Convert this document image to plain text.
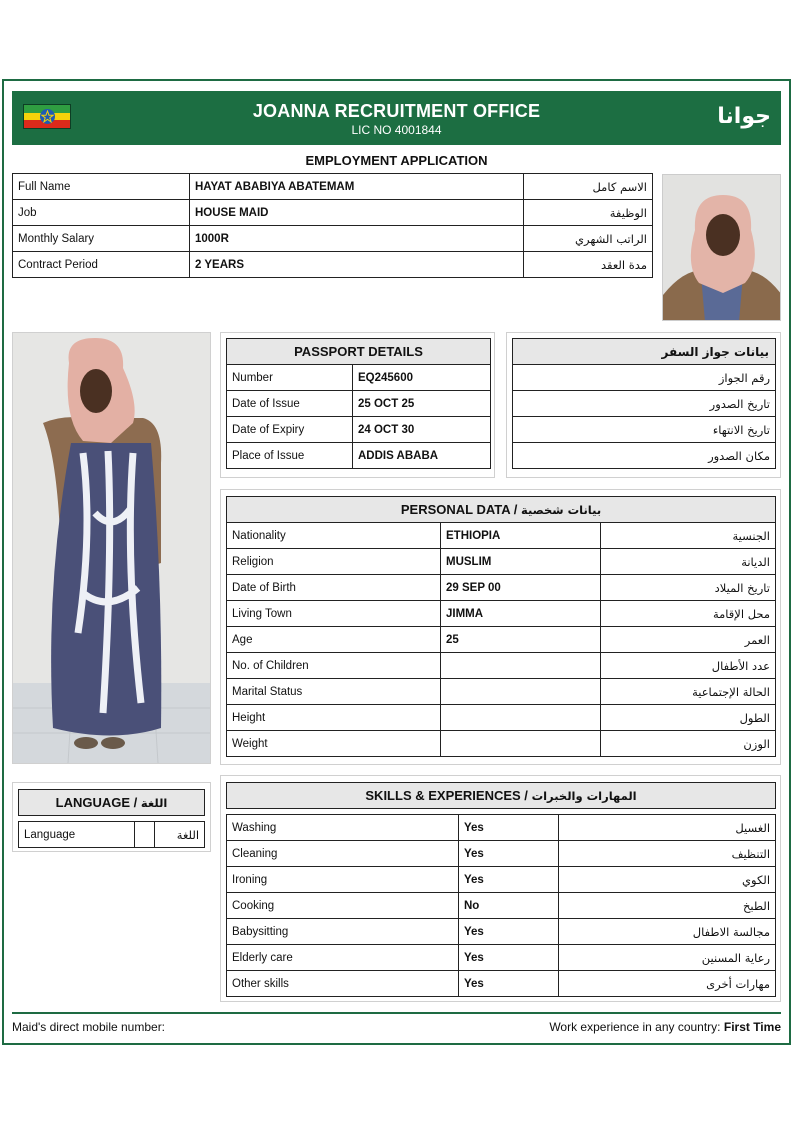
JOANNA RECRUITMENT OFFICE
LIC NO 4001844
جوانا
EMPLOYMENT APPLICATION
Full Name	HAYAT ABABIYA ABATEMAM	الاسم كامل
Job	HOUSE MAID	الوظيفة
Monthly Salary	1000R	الراتب الشهري
Contract Period	2 YEARS	مدة العقد
PASSPORT DETAILS	
Number	EQ245600
Date of Issue	25 OCT 25
Date of Expiry	24 OCT 30
Place of Issue	ADDIS ABABA
بيانات جواز السفر
رقم الجواز
تاريخ الصدور
تاريخ الانتهاء
مكان الصدور
PERSONAL DATA / بيانات شخصية		
Nationality	ETHIOPIA	الجنسية
Religion	MUSLIM	الديانة
Date of Birth	29 SEP 00	تاريخ الميلاد
Living Town	JIMMA	محل الإقامة
Age	25	العمر
No. of Children		عدد الأطفال
Marital Status		الحالة الإجتماعية
Height		الطول
Weight		الوزن
LANGUAGE / اللغة

Language		اللغة
SKILLS & EXPERIENCES / المهارات والخبرات		

Washing	Yes	الغسيل
Cleaning	Yes	التنظيف
Ironing	Yes	الكوي
Cooking	No	الطبخ
Babysitting	Yes	مجالسة الاطفال
Elderly care	Yes	رعاية المسنين
Other skills	Yes	مهارات أخرى
Maid's direct mobile number:	Work experience in any country: First Time
